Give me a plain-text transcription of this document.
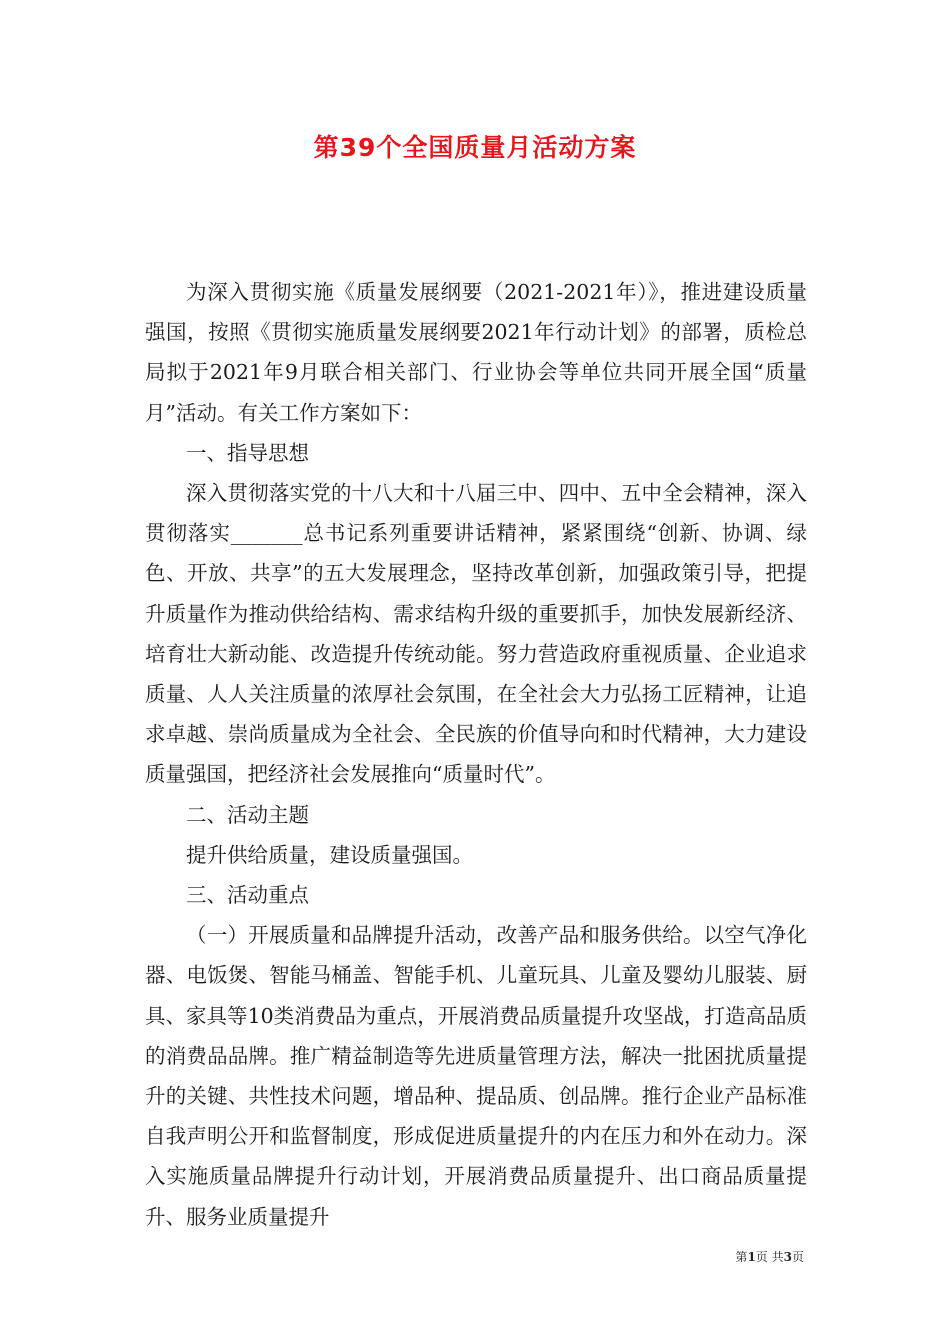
第39个全国质量月活动方案

为深入贯彻实施《质量发展纲要（2021-2021年）》，推进建设质量强国，按照《贯彻实施质量发展纲要2021年行动计划》的部署，质检总局拟于2021年9月联合相关部门、行业协会等单位共同开展全国“质量月”活动。有关工作方案如下：

一、指导思想

深入贯彻落实党的十八大和十八届三中、四中、五中全会精神，深入贯彻落实_______总书记系列重要讲话精神，紧紧围绕“创新、协调、绿色、开放、共享”的五大发展理念，坚持改革创新，加强政策引导，把提升质量作为推动供给结构、需求结构升级的重要抓手，加快发展新经济、培育壮大新动能、改造提升传统动能。努力营造政府重视质量、企业追求质量、人人关注质量的浓厚社会氛围，在全社会大力弘扬工匠精神，让追求卓越、崇尚质量成为全社会、全民族的价值导向和时代精神，大力建设质量强国，把经济社会发展推向“质量时代”。

二、活动主题

提升供给质量，建设质量强国。

三、活动重点

（一）开展质量和品牌提升活动，改善产品和服务供给。以空气净化器、电饭煲、智能马桶盖、智能手机、儿童玩具、儿童及婴幼儿服装、厨具、家具等10类消费品为重点，开展消费品质量提升攻坚战，打造高品质的消费品品牌。推广精益制造等先进质量管理方法，解决一批困扰质量提升的关键、共性技术问题，增品种、提品质、创品牌。推行企业产品标准自我声明公开和监督制度，形成促进质量提升的内在压力和外在动力。深入实施质量品牌提升行动计划，开展消费品质量提升、出口商品质量提升、服务业质量提升

第1页 共3页
